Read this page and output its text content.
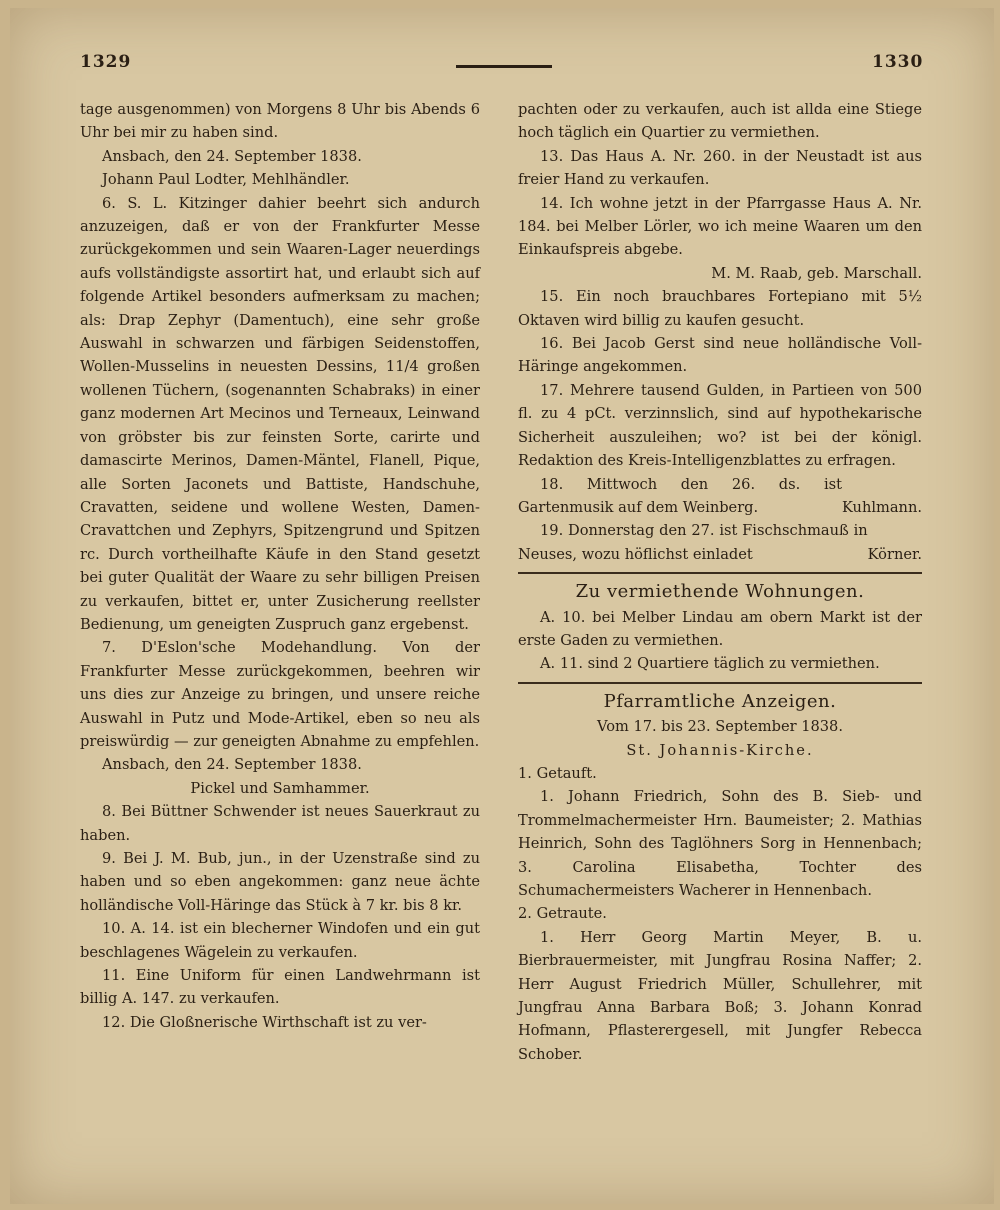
1329	1330

tage ausgenommen) von Morgens 8 Uhr bis Abends 6 Uhr bei mir zu haben sind.

Ansbach, den 24. September 1838.

Johann Paul Lodter, Mehlhändler.

6. S. L. Kitzinger dahier beehrt sich andurch anzuzeigen, daß er von der Frankfurter Messe zurückgekommen und sein Waaren-Lager neuerdings aufs vollständigste assortirt hat, und erlaubt sich auf folgende Artikel besonders aufmerksam zu machen; als: Drap Zephyr (Damentuch), eine sehr große Auswahl in schwarzen und färbigen Seidenstoffen, Wollen-Musselins in neuesten Dessins, 11/4 großen wollenen Tüchern, (sogenannten Schabraks) in einer ganz modernen Art Mecinos und Terneaux, Leinwand von gröbster bis zur feinsten Sorte, carirte und damascirte Merinos, Damen-Mäntel, Flanell, Pique, alle Sorten Jaconets und Battiste, Handschuhe, Cravatten, seidene und wollene Westen, Damen-Cravattchen und Zephyrs, Spitzengrund und Spitzen rc. Durch vortheilhafte Käufe in den Stand gesetzt bei guter Qualität der Waare zu sehr billigen Preisen zu verkaufen, bittet er, unter Zusicherung reellster Bedienung, um geneigten Zuspruch ganz ergebenst.

7. D'Eslon'sche Modehandlung. Von der Frankfurter Messe zurückgekommen, beehren wir uns dies zur Anzeige zu bringen, und unsere reiche Auswahl in Putz und Mode-Artikel, eben so neu als preiswürdig — zur geneigten Abnahme zu empfehlen.

Ansbach, den 24. September 1838.

Pickel und Samhammer.

8. Bei Büttner Schwender ist neues Sauerkraut zu haben.

9. Bei J. M. Bub, jun., in der Uzenstraße sind zu haben und so eben angekommen: ganz neue ächte holländische Voll-Häringe das Stück à 7 kr. bis 8 kr.

10. A. 14. ist ein blecherner Windofen und ein gut beschlagenes Wägelein zu verkaufen.

11. Eine Uniform für einen Landwehrmann ist billig A. 147. zu verkaufen.

12. Die Gloßnerische Wirthschaft ist zu ver-

pachten oder zu verkaufen, auch ist allda eine Stiege hoch täglich ein Quartier zu vermiethen.

13. Das Haus A. Nr. 260. in der Neustadt ist aus freier Hand zu verkaufen.

14. Ich wohne jetzt in der Pfarrgasse Haus A. Nr. 184. bei Melber Lörler, wo ich meine Waaren um den Einkaufspreis abgebe.

M. M. Raab, geb. Marschall.

15. Ein noch brauchbares Fortepiano mit 5½ Oktaven wird billig zu kaufen gesucht.

16. Bei Jacob Gerst sind neue holländische Voll-Häringe angekommen.

17. Mehrere tausend Gulden, in Partieen von 500 fl. zu 4 pCt. verzinnslich, sind auf hypothekarische Sicherheit auszuleihen; wo? ist bei der königl. Redaktion des Kreis-Intelligenzblattes zu erfragen.

18. Mittwoch den 26. ds. ist Gartenmusik auf dem Weinberg.	Kuhlmann.

19. Donnerstag den 27. ist Fischschmauß in Neuses, wozu höflichst einladet	Körner.

Zu vermiethende Wohnungen.

A. 10. bei Melber Lindau am obern Markt ist der erste Gaden zu vermiethen.

A. 11. sind 2 Quartiere täglich zu vermiethen.

Pfarramtliche Anzeigen.

Vom 17. bis 23. September 1838.

St. Johannis-Kirche.

1. Getauft.

1. Johann Friedrich, Sohn des B. Sieb- und Trommelmachermeister Hrn. Baumeister; 2. Mathias Heinrich, Sohn des Taglöhners Sorg in Hennenbach; 3. Carolina Elisabetha, Tochter des Schumachermeisters Wacherer in Hennenbach.

2. Getraute.

1. Herr Georg Martin Meyer, B. u. Bierbrauermeister, mit Jungfrau Rosina Naffer; 2. Herr August Friedrich Müller, Schullehrer, mit Jungfrau Anna Barbara Boß; 3. Johann Konrad Hofmann, Pflasterergesell, mit Jungfer Rebecca Schober.
